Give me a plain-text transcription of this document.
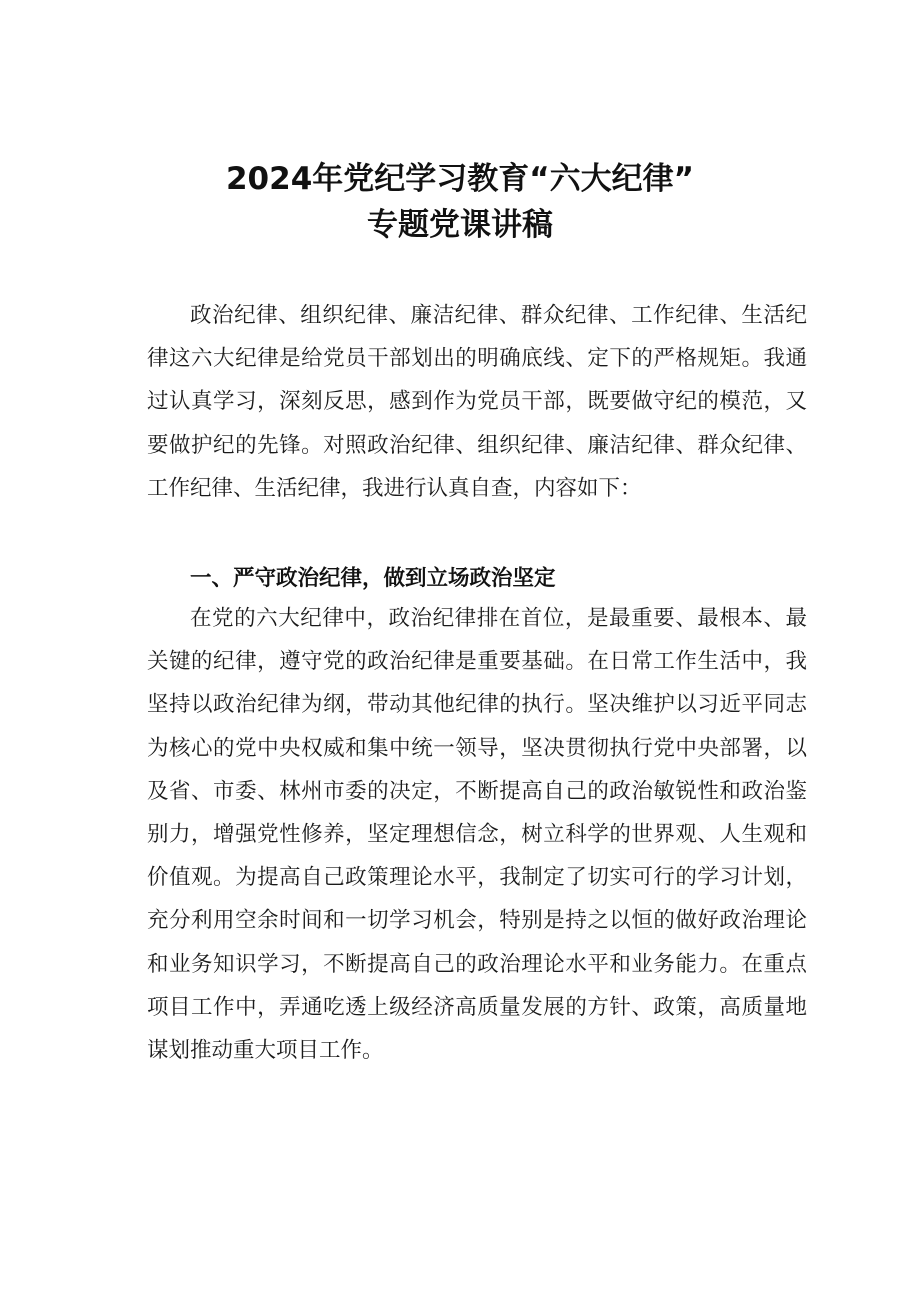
2024年党纪学习教育“六大纪律”
专题党课讲稿

政治纪律、组织纪律、廉洁纪律、群众纪律、工作纪律、生活纪律这六大纪律是给党员干部划出的明确底线、定下的严格规矩。我通过认真学习，深刻反思，感到作为党员干部，既要做守纪的模范，又要做护纪的先锋。对照政治纪律、组织纪律、廉洁纪律、群众纪律、工作纪律、生活纪律，我进行认真自查，内容如下：

一、严守政治纪律，做到立场政治坚定

在党的六大纪律中，政治纪律排在首位，是最重要、最根本、最关键的纪律，遵守党的政治纪律是重要基础。在日常工作生活中，我坚持以政治纪律为纲，带动其他纪律的执行。坚决维护以习近平同志为核心的党中央权威和集中统一领导，坚决贯彻执行党中央部署，以及省、市委、林州市委的决定，不断提高自己的政治敏锐性和政治鉴别力，增强党性修养，坚定理想信念，树立科学的世界观、人生观和价值观。为提高自己政策理论水平，我制定了切实可行的学习计划，充分利用空余时间和一切学习机会，特别是持之以恒的做好政治理论和业务知识学习，不断提高自己的政治理论水平和业务能力。在重点项目工作中，弄通吃透上级经济高质量发展的方针、政策，高质量地谋划推动重大项目工作。
